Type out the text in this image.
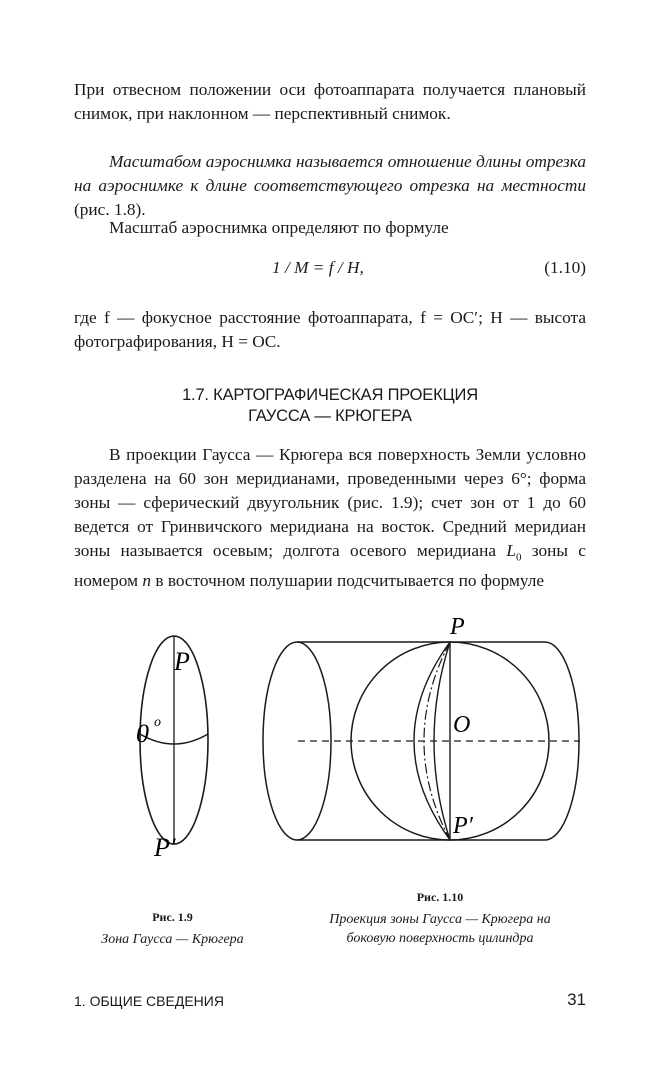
При отвесном положении оси фотоаппарата получается плановый снимок, при наклонном — перспективный снимок.

Масштабом аэроснимка называется отношение длины отрезка на аэроснимке к длине соответствующего отрезка на местности (рис. 1.8).

Масштаб аэроснимка определяют по формуле

1 / M = f / H,	(1.10)

где f — фокусное расстояние фотоаппарата, f = OC′; H — высота фотографирования, H = OC.

1.7. КАРТОГРАФИЧЕСКАЯ ПРОЕКЦИЯ
ГАУССА — КРЮГЕРА

В проекции Гаусса — Крюгера вся поверхность Земли условно разделена на 60 зон меридианами, проведенными через 6°; форма зоны — сферический двуугольник (рис. 1.9); счет зон от 1 до 60 ведется от Гринвичского меридиана на восток. Средний меридиан зоны называется осевым; долгота осевого меридиана $L_0$ зоны с номером n в восточном полушарии подсчитывается по формуле

P
0 o
P′
P
O
P′
Рис. 1.9
Зона Гаусса — Крюгера
Рис. 1.10
Проекция зоны Гаусса — Крюгера на
боковую поверхность цилиндра
1. ОБЩИЕ СВЕДЕНИЯ	31
